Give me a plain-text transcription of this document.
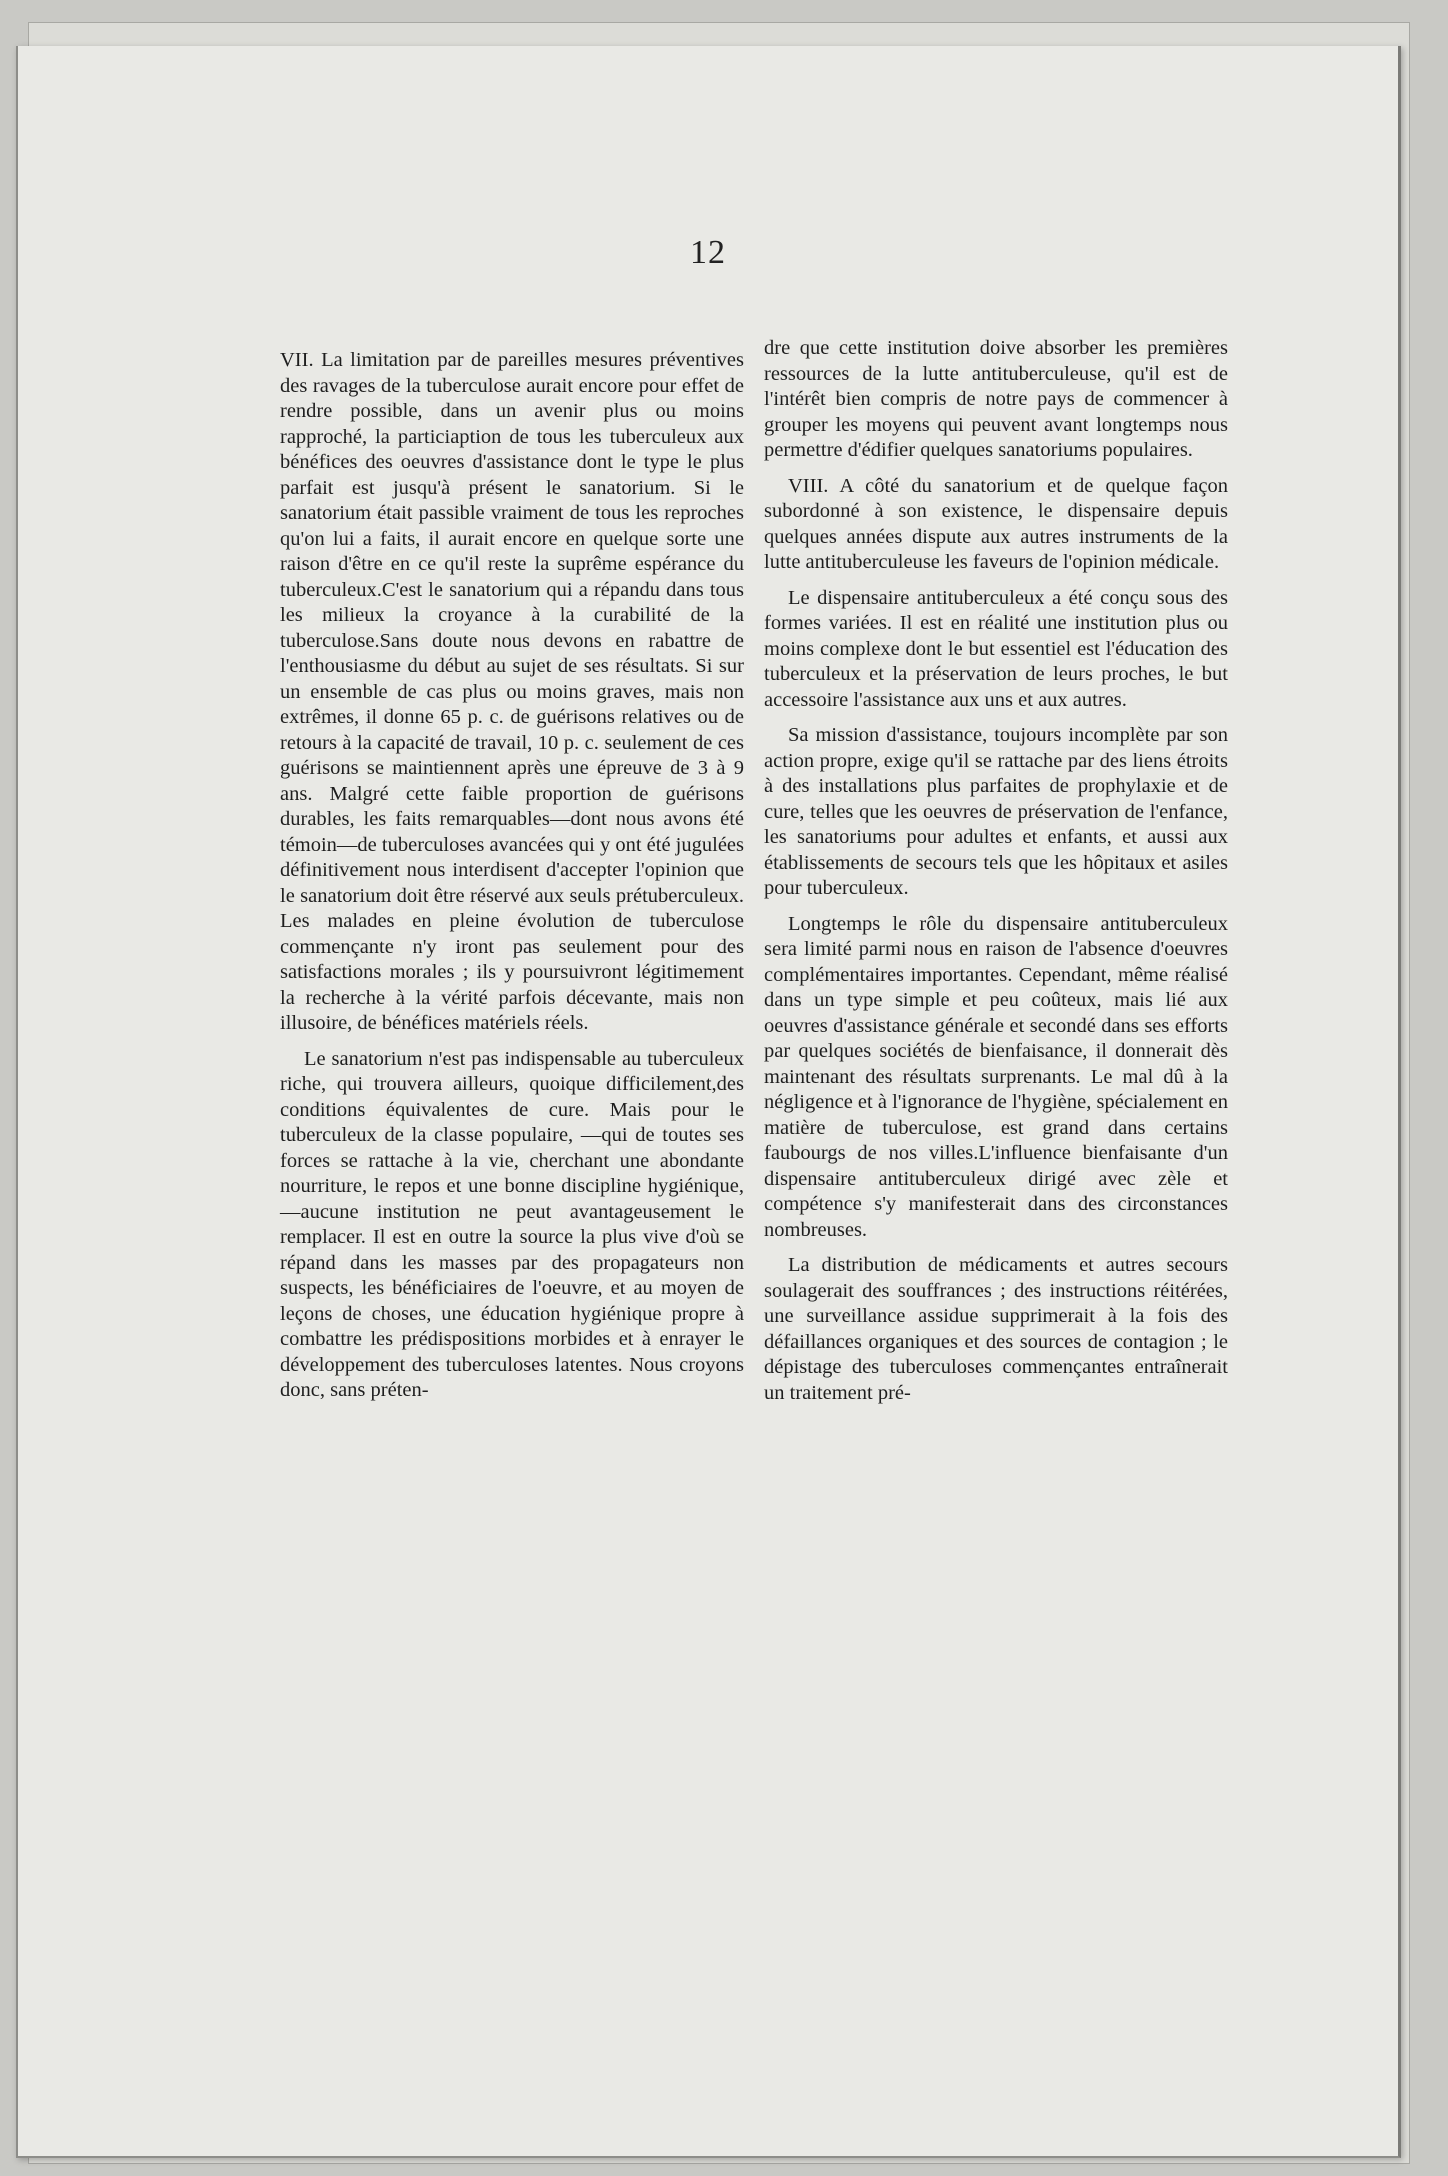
12

VII. La limitation par de pareilles mesures préventives des ravages de la tuberculose aurait encore pour effet de rendre possible, dans un avenir plus ou moins rapproché, la particiaption de tous les tuberculeux aux bénéfices des oeuvres d'assistance dont le type le plus parfait est jusqu'à présent le sanatorium. Si le sanatorium était passible vraiment de tous les reproches qu'on lui a faits, il aurait encore en quelque sorte une raison d'être en ce qu'il reste la suprême espérance du tuberculeux.C'est le sanatorium qui a répandu dans tous les milieux la croyance à la curabilité de la tuberculose.Sans doute nous devons en rabattre de l'enthousiasme du début au sujet de ses résultats. Si sur un ensemble de cas plus ou moins graves, mais non extrêmes, il donne 65 p. c. de guérisons relatives ou de retours à la capacité de travail, 10 p. c. seulement de ces guérisons se maintiennent après une épreuve de 3 à 9 ans. Malgré cette faible proportion de guérisons durables, les faits remarquables—dont nous avons été témoin—de tuberculoses avancées qui y ont été jugulées définitivement nous interdisent d'accepter l'opinion que le sanatorium doit être réservé aux seuls prétuberculeux. Les malades en pleine évolution de tuberculose commençante n'y iront pas seulement pour des satisfactions morales ; ils y poursuivront légitimement la recherche à la vérité parfois décevante, mais non illusoire, de bénéfices matériels réels.

Le sanatorium n'est pas indispensable au tuberculeux riche, qui trouvera ailleurs, quoique difficilement,des conditions équivalentes de cure. Mais pour le tuberculeux de la classe populaire, —qui de toutes ses forces se rattache à la vie, cherchant une abondante nourriture, le repos et une bonne discipline hygiénique,—aucune institution ne peut avantageusement le remplacer. Il est en outre la source la plus vive d'où se répand dans les masses par des propagateurs non suspects, les bénéficiaires de l'oeuvre, et au moyen de leçons de choses, une éducation hygiénique propre à combattre les prédispositions morbides et à enrayer le développement des tuberculoses latentes. Nous croyons donc, sans préten-

dre que cette institution doive absorber les premières ressources de la lutte antituberculeuse, qu'il est de l'intérêt bien compris de notre pays de commencer à grouper les moyens qui peuvent avant longtemps nous permettre d'édifier quelques sanatoriums populaires.

VIII. A côté du sanatorium et de quelque façon subordonné à son existence, le dispensaire depuis quelques années dispute aux autres instruments de la lutte antituberculeuse les faveurs de l'opinion médicale.

Le dispensaire antituberculeux a été conçu sous des formes variées. Il est en réalité une institution plus ou moins complexe dont le but essentiel est l'éducation des tuberculeux et la préservation de leurs proches, le but accessoire l'assistance aux uns et aux autres.

Sa mission d'assistance, toujours incomplète par son action propre, exige qu'il se rattache par des liens étroits à des installations plus parfaites de prophylaxie et de cure, telles que les oeuvres de préservation de l'enfance, les sanatoriums pour adultes et enfants, et aussi aux établissements de secours tels que les hôpitaux et asiles pour tuberculeux.

Longtemps le rôle du dispensaire antituberculeux sera limité parmi nous en raison de l'absence d'oeuvres complémentaires importantes. Cependant, même réalisé dans un type simple et peu coûteux, mais lié aux oeuvres d'assistance générale et secondé dans ses efforts par quelques sociétés de bienfaisance, il donnerait dès maintenant des résultats surprenants. Le mal dû à la négligence et à l'ignorance de l'hygiène, spécialement en matière de tuberculose, est grand dans certains faubourgs de nos villes.L'influence bienfaisante d'un dispensaire antituberculeux dirigé avec zèle et compétence s'y manifesterait dans des circonstances nombreuses.

La distribution de médicaments et autres secours soulagerait des souffrances ; des instructions réitérées, une surveillance assidue supprimerait à la fois des défaillances organiques et des sources de contagion ; le dépistage des tuberculoses commençantes entraînerait un traitement pré-
